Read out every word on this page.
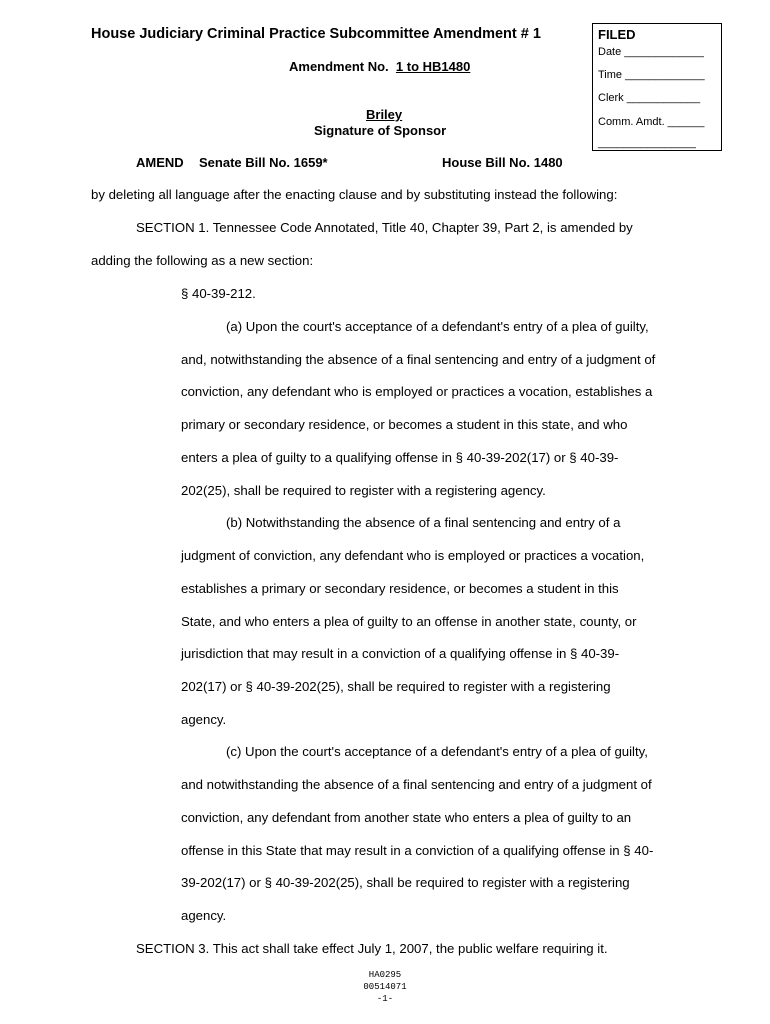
House Judiciary Criminal Practice Subcommittee Amendment # 1
Amendment No. 1 to HB1480
Briley
Signature of Sponsor
AMEND Senate Bill No. 1659*	House Bill No. 1480
FILED
Date _____________
Time _____________
Clerk ____________
Comm. Amdt. ______
________________
by deleting all language after the enacting clause and by substituting instead the following:
SECTION 1. Tennessee Code Annotated, Title 40, Chapter 39, Part 2, is amended by
adding the following as a new section:
§ 40-39-212.
(a) Upon the court's acceptance of a defendant's entry of a plea of guilty,
and, notwithstanding the absence of a final sentencing and entry of a judgment of
conviction, any defendant who is employed or practices a vocation, establishes a
primary or secondary residence, or becomes a student in this state, and who
enters a plea of guilty to a qualifying offense in § 40-39-202(17) or § 40-39-
202(25), shall be required to register with a registering agency.
(b) Notwithstanding the absence of a final sentencing and entry of a
judgment of conviction, any defendant who is employed or practices a vocation,
establishes a primary or secondary residence, or becomes a student in this
State, and who enters a plea of guilty to an offense in another state, county, or
jurisdiction that may result in a conviction of a qualifying offense in § 40-39-
202(17) or § 40-39-202(25), shall be required to register with a registering
agency.
(c) Upon the court's acceptance of a defendant's entry of a plea of guilty,
and notwithstanding the absence of a final sentencing and entry of a judgment of
conviction, any defendant from another state who enters a plea of guilty to an
offense in this State that may result in a conviction of a qualifying offense in § 40-
39-202(17) or § 40-39-202(25), shall be required to register with a registering
agency.
SECTION 3. This act shall take effect July 1, 2007, the public welfare requiring it.
HA0295
00514071
-1-
